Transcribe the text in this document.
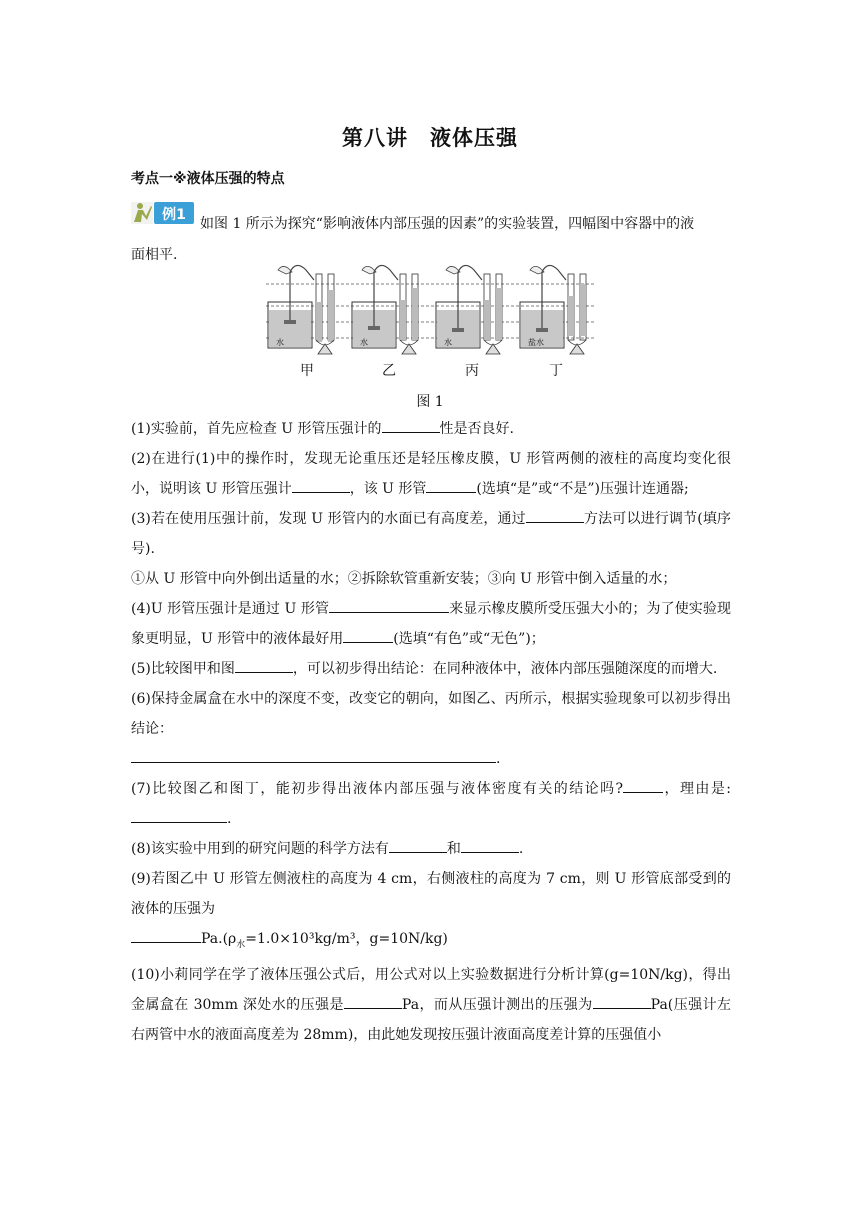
第八讲　液体压强
考点一※液体压强的特点
例1
如图 1 所示为探究“影响液体内部压强的因素”的实验装置，四幅图中容器中的液
面相平.
水	水	水	盐水
甲	乙	丙	丁
图 1

(1)实验前，首先应检查 U 形管压强计的	性是否良好.

(2)在进行(1)中的操作时，发现无论重压还是轻压橡皮膜，U 形管两侧的液柱的高度均变化很小，说明该 U 形管压强计	，该 U 形管	(选填“是”或“不是”)压强计连通器;

(3)若在使用压强计前，发现 U 形管内的水面已有高度差，通过	方法可以进行调节(填序号).

①从 U 形管中向外倒出适量的水；②拆除软管重新安装；③向 U 形管中倒入适量的水；

(4)U 形管压强计是通过 U 形管	来显示橡皮膜所受压强大小的；为了使实验现象更明显，U 形管中的液体最好用	(选填“有色”或“无色”)；

(5)比较图甲和图	，可以初步得出结论：在同种液体中，液体内部压强随深度的而增大.

(6)保持金属盒在水中的深度不变，改变它的朝向，如图乙、丙所示，根据实验现象可以初步得出结论：
.

(7)比较图乙和图丁，能初步得出液体内部压强与液体密度有关的结论吗?	，理由是:.

(8)该实验中用到的研究问题的科学方法有	和	.

(9)若图乙中 U 形管左侧液柱的高度为 4 cm，右侧液柱的高度为 7 cm，则 U 形管底部受到的液体的压强为
$Pa.(\rho_水=1.0\times 10^3kg/m^3$，g=10N/kg)

(10)小莉同学在学了液体压强公式后，用公式对以上实验数据进行分析计算(g=10N/kg)，得出金属盒在 30mm 深处水的压强是	Pa，而从压强计测出的压强为	Pa(压强计左右两管中水的液面高度差为 28mm)，由此她发现按压强计液面高度差计算的压强值小
